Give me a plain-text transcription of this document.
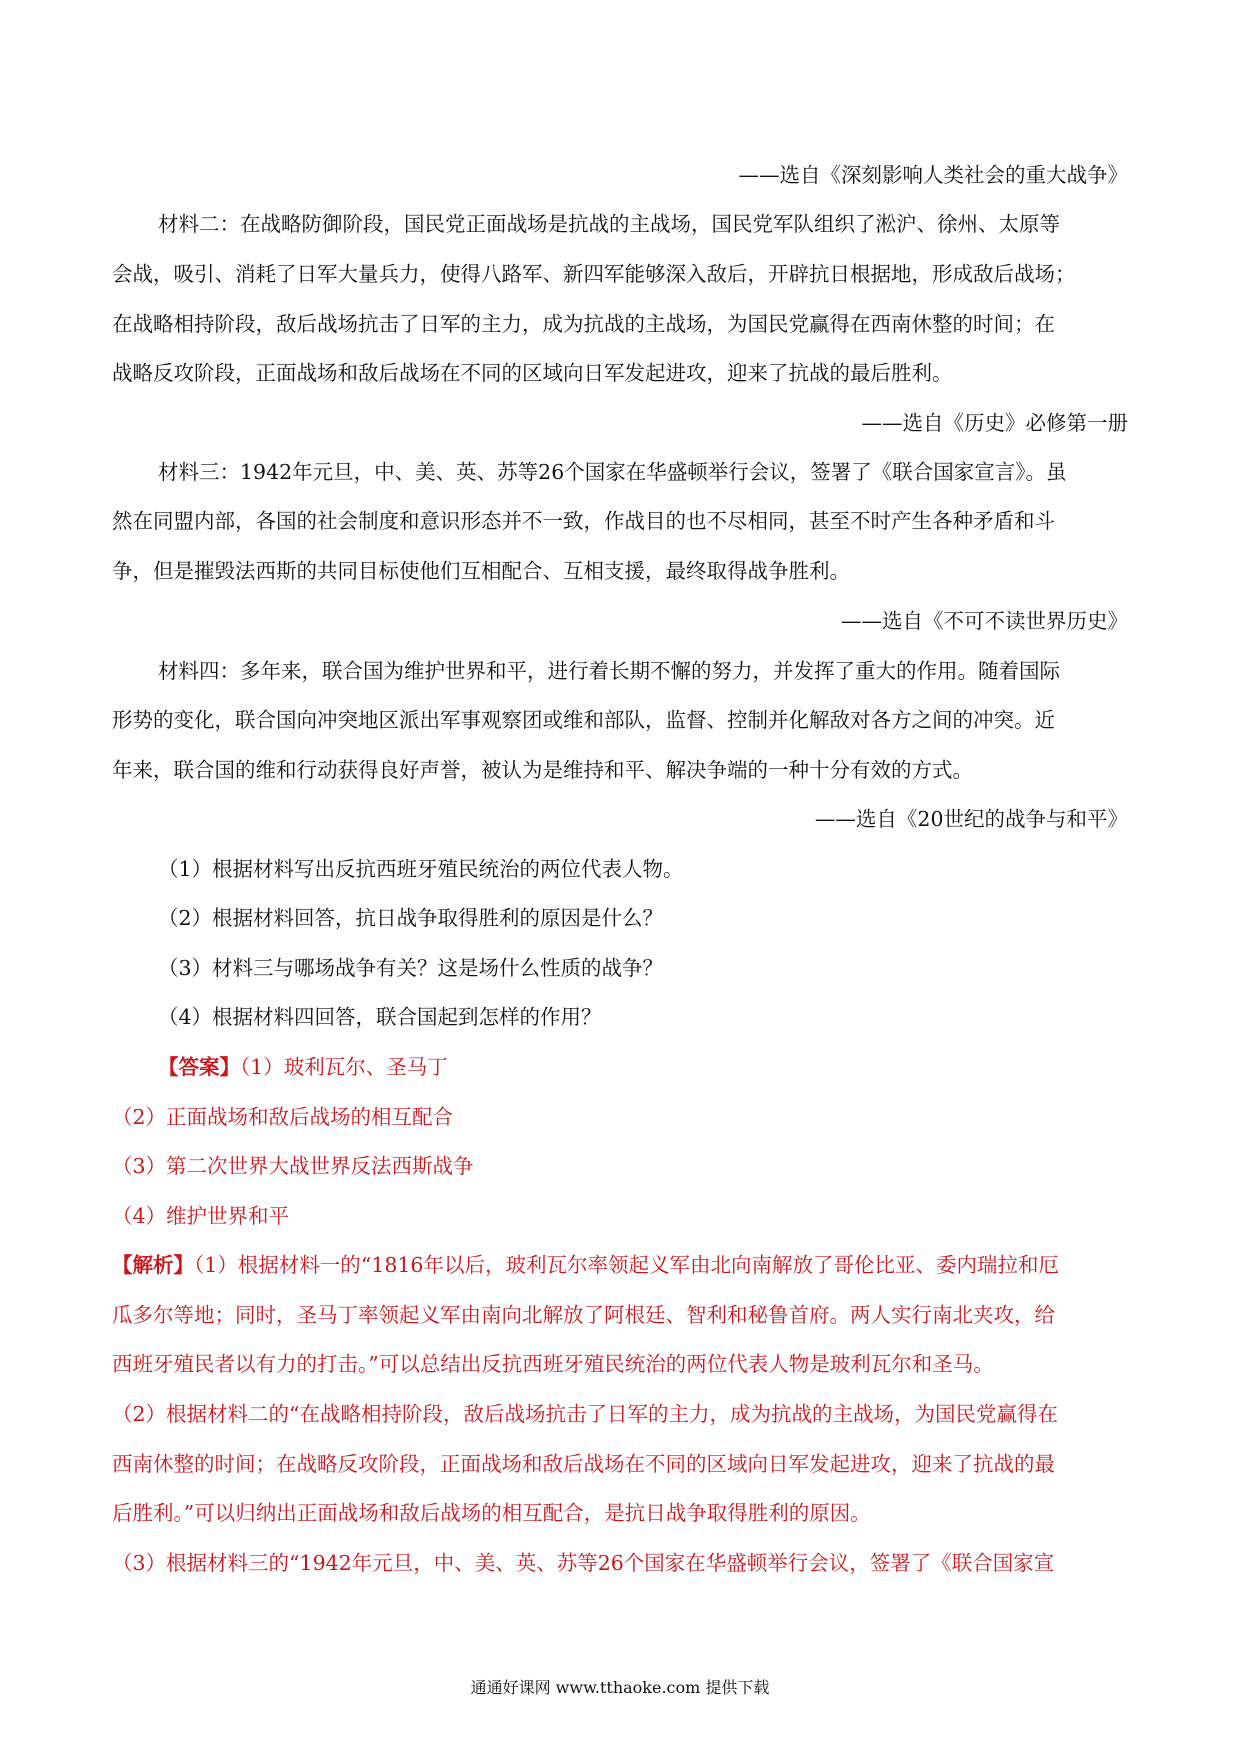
——选自《深刻影响人类社会的重大战争》
材料二：在战略防御阶段，国民党正面战场是抗战的主战场，国民党军队组织了淞沪、徐州、太原等
会战，吸引、消耗了日军大量兵力，使得八路军、新四军能够深入敌后，开辟抗日根据地，形成敌后战场；
在战略相持阶段，敌后战场抗击了日军的主力，成为抗战的主战场，为国民党赢得在西南休整的时间；在
战略反攻阶段，正面战场和敌后战场在不同的区域向日军发起进攻，迎来了抗战的最后胜利。
——选自《历史》必修第一册
材料三：1942年元旦，中、美、英、苏等26个国家在华盛顿举行会议，签署了《联合国家宣言》。虽
然在同盟内部，各国的社会制度和意识形态并不一致，作战目的也不尽相同，甚至不时产生各种矛盾和斗
争，但是摧毁法西斯的共同目标使他们互相配合、互相支援，最终取得战争胜利。
——选自《不可不读世界历史》
材料四：多年来，联合国为维护世界和平，进行着长期不懈的努力，并发挥了重大的作用。随着国际
形势的变化，联合国向冲突地区派出军事观察团或维和部队，监督、控制并化解敌对各方之间的冲突。近
年来，联合国的维和行动获得良好声誉，被认为是维持和平、解决争端的一种十分有效的方式。
——选自《20世纪的战争与和平》
（1）根据材料写出反抗西班牙殖民统治的两位代表人物。
（2）根据材料回答，抗日战争取得胜利的原因是什么？
（3）材料三与哪场战争有关？这是场什么性质的战争？
（4）根据材料四回答，联合国起到怎样的作用？
（2）正面战场和敌后战场的相互配合
（3）第二次世界大战世界反法西斯战争
（4）维护世界和平
瓜多尔等地；同时，圣马丁率领起义军由南向北解放了阿根廷、智利和秘鲁首府。两人实行南北夹攻，给
西班牙殖民者以有力的打击。”可以总结出反抗西班牙殖民统治的两位代表人物是玻利瓦尔和圣马。
（2）根据材料二的“在战略相持阶段，敌后战场抗击了日军的主力，成为抗战的主战场，为国民党赢得在
西南休整的时间；在战略反攻阶段，正面战场和敌后战场在不同的区域向日军发起进攻，迎来了抗战的最
后胜利。”可以归纳出正面战场和敌后战场的相互配合，是抗日战争取得胜利的原因。
（3）根据材料三的“1942年元旦，中、美、英、苏等26个国家在华盛顿举行会议，签署了《联合国家宣
【答案】（1）玻利瓦尔、圣马丁
【解析】（1）根据材料一的“1816年以后，玻利瓦尔率领起义军由北向南解放了哥伦比亚、委内瑞拉和厄
通通好课网 www.tthaoke.com 提供下载
